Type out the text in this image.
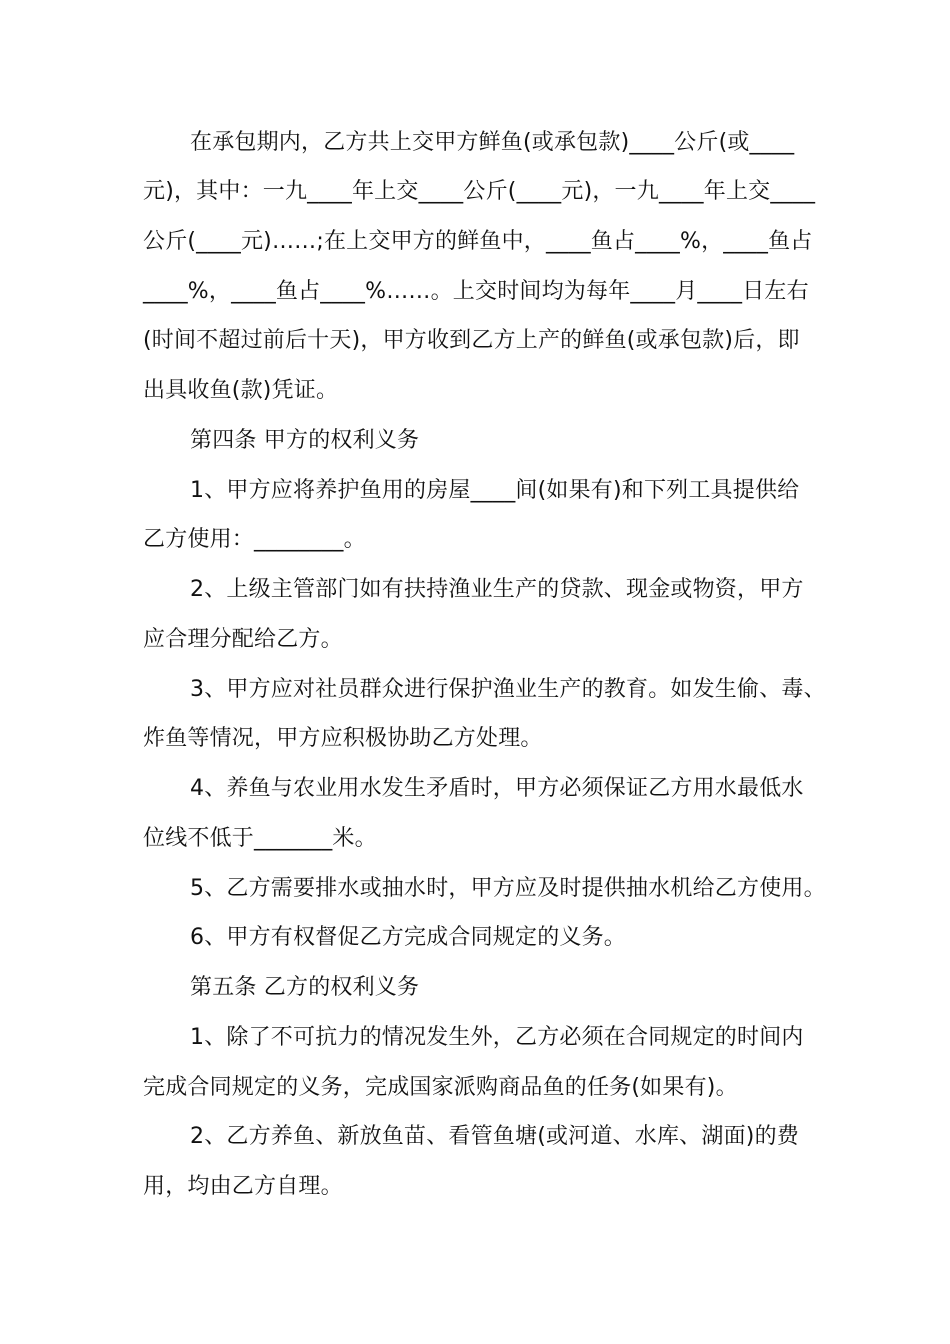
在承包期内，乙方共上交甲方鲜鱼(或承包款)____公斤(或____
元)，其中：一九____年上交____公斤(____元)，一九____年上交____
公斤(____元)……;在上交甲方的鲜鱼中，____鱼占____%，____鱼占
____%，____鱼占____%……。上交时间均为每年____月____日左右
(时间不超过前后十天)，甲方收到乙方上产的鲜鱼(或承包款)后，即
出具收鱼(款)凭证。
第四条 甲方的权利义务
1、甲方应将养护鱼用的房屋____间(如果有)和下列工具提供给
乙方使用：________。
2、上级主管部门如有扶持渔业生产的贷款、现金或物资，甲方
应合理分配给乙方。
3、甲方应对社员群众进行保护渔业生产的教育。如发生偷、毒、
炸鱼等情况，甲方应积极协助乙方处理。
4、养鱼与农业用水发生矛盾时，甲方必须保证乙方用水最低水
位线不低于_______米。
5、乙方需要排水或抽水时，甲方应及时提供抽水机给乙方使用。
6、甲方有权督促乙方完成合同规定的义务。
第五条 乙方的权利义务
1、除了不可抗力的情况发生外，乙方必须在合同规定的时间内
完成合同规定的义务，完成国家派购商品鱼的任务(如果有)。
2、乙方养鱼、新放鱼苗、看管鱼塘(或河道、水库、湖面)的费
用，均由乙方自理。
